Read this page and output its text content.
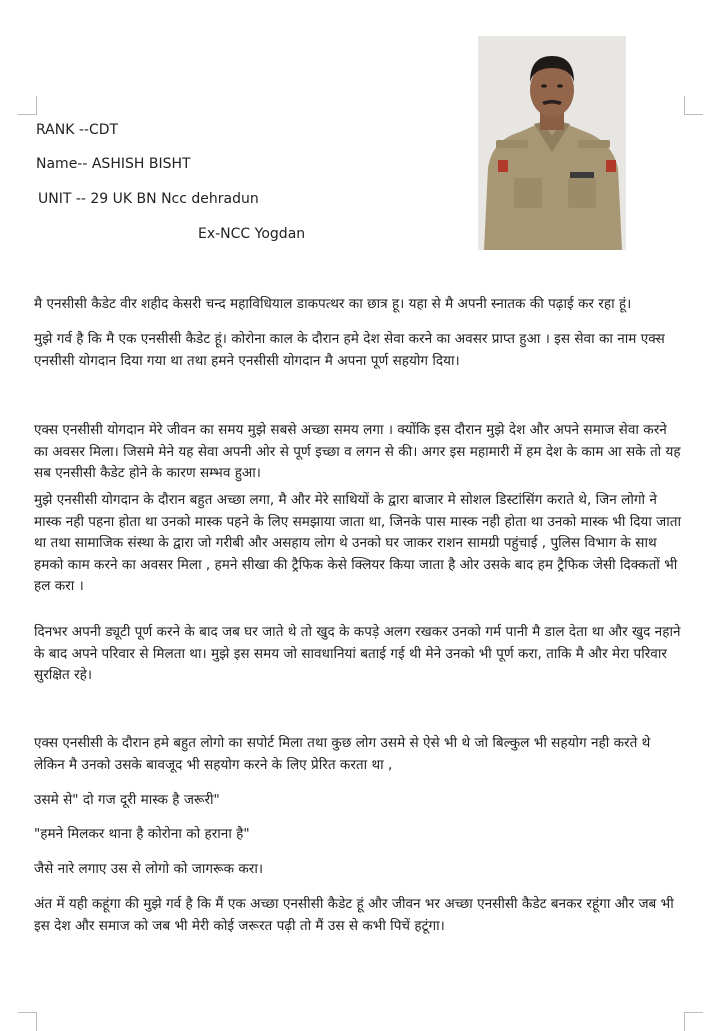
RANK --CDT
Name-- ASHISH BISHT
UNIT -- 29 UK BN Ncc dehradun
Ex-NCC Yogdan

मै एनसीसी कैडेट वीर शहीद केसरी चन्द महाविधियाल डाकपत्थर का छात्र हू। यहा से मै अपनी स्नातक की पढ़ाई कर रहा हूं।

मुझे गर्व है कि मै एक एनसीसी कैडेट हूं। कोरोना काल के दौरान हमे देश सेवा करने का अवसर प्राप्त हुआ । इस सेवा का नाम एक्स एनसीसी योगदान दिया गया था तथा हमने एनसीसी योगदान मै अपना पूर्ण सहयोग दिया।

एक्स एनसीसी योगदान मेरे जीवन का समय मुझे सबसे अच्छा समय लगा । क्योंकि इस दौरान मुझे देश और अपने समाज सेवा करने का अवसर मिला। जिसमे मेने यह सेवा अपनी ओर से पूर्ण इच्छा व लगन से की। अगर इस महामारी में हम देश के काम आ सके तो यह सब एनसीसी कैडेट होने के कारण सम्भव हुआ।

मुझे एनसीसी योगदान के दौरान बहुत अच्छा लगा, मै और मेरे साथियों के द्वारा बाजार मे सोशल डिस्टांसिंग कराते थे, जिन लोगो ने मास्क नही पहना होता था उनको मास्क पहने के लिए समझाया जाता था, जिनके पास मास्क नही होता था उनको मास्क भी दिया जाता था तथा सामाजिक संस्था के द्वारा जो गरीबी और असहाय लोग थे उनको घर जाकर राशन सामग्री पहुंचाई , पुलिस विभाग के साथ हमको काम करने का अवसर मिला , हमने सीखा की ट्रैफिक केसे क्लियर किया जाता है ओर उसके बाद हम ट्रैफिक जेसी दिक्कतों भी हल करा ।

दिनभर अपनी ड्यूटी पूर्ण करने के बाद जब घर जाते थे तो खुद के कपड़े अलग रखकर उनको गर्म पानी मै डाल देता था और खुद नहाने के बाद अपने परिवार से मिलता था। मुझे इस समय जो सावधानियां बताई गई थी मेने उनको भी पूर्ण करा, ताकि मै और मेरा परिवार सुरक्षित रहे।

एक्स एनसीसी के दौरान हमे बहुत लोगो का सपोर्ट मिला तथा कुछ लोग उसमे से ऐसे भी थे जो बिल्कुल भी सहयोग नही करते थे लेकिन मै उनको उसके बावजूद भी सहयोग करने के लिए प्रेरित करता था ,

उसमे से" दो गज दूरी मास्क है जरूरी"

"हमने मिलकर थाना है कोरोना को हराना है"

जैसे नारे लगाए उस से लोगो को जागरूक करा।

अंत में यही कहूंगा की मुझे गर्व है कि मैं एक अच्छा एनसीसी कैडेट हूं और जीवन भर अच्छा एनसीसी कैडेट बनकर रहूंगा और जब भी इस देश और समाज को जब भी मेरी कोई जरूरत पढ़ी तो मैं उस से कभी पिचें हटूंगा।
